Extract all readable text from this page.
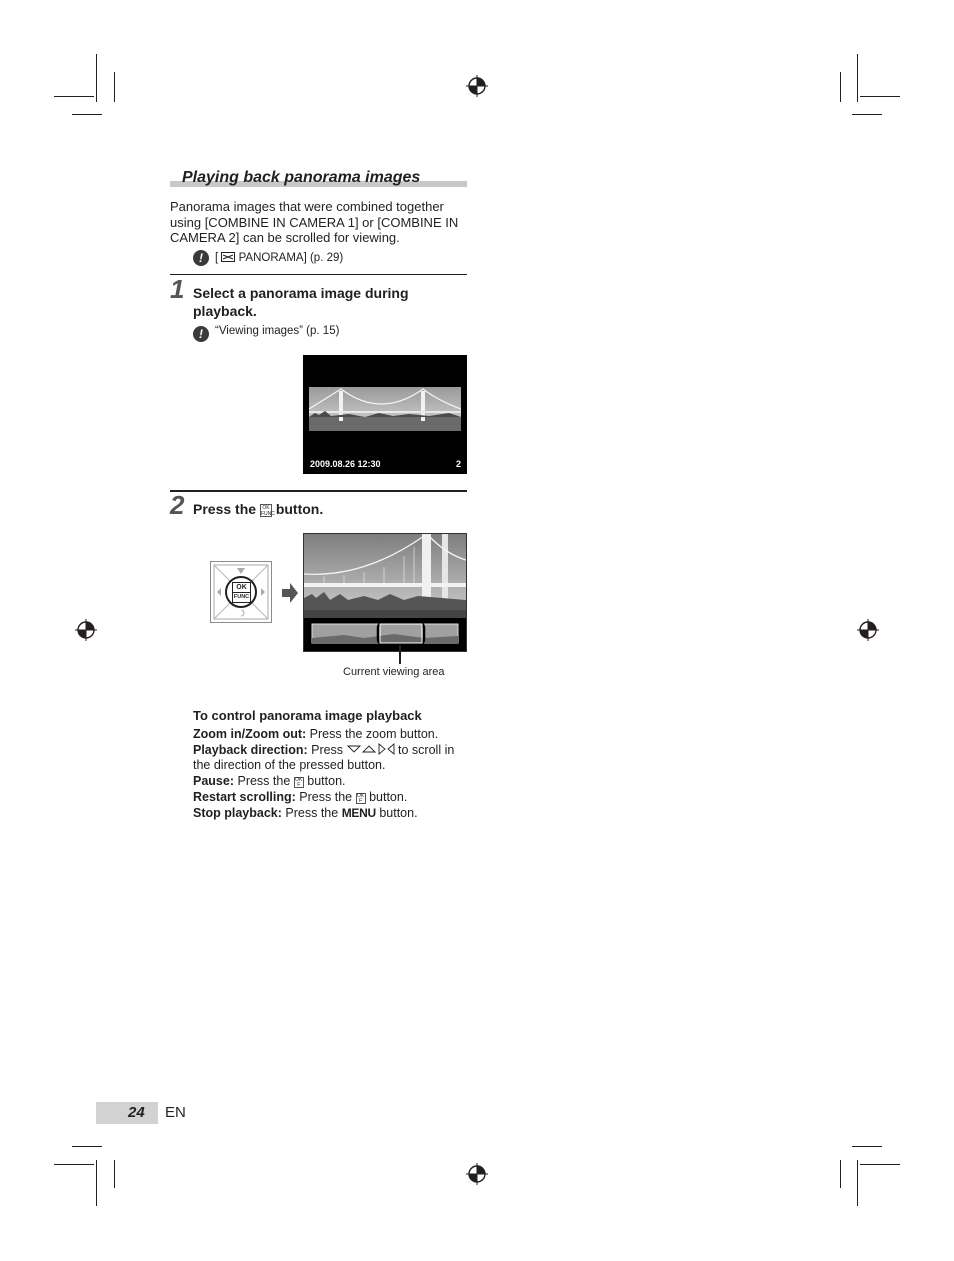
Playing back panorama images
Panorama images that were combined together using [COMBINE IN CAMERA 1] or [COMBINE IN CAMERA 2] can be scrolled for viewing.
!	[ PANORAMA] (p. 29)
1 Select a panorama image during playback.
!	“Viewing images” (p. 15)
2009.08.26 12:30	2
2 Press the OK
FUNC button.
OK
FUNC
Current viewing area
To control panorama image playback
Zoom in/Zoom out: Press the zoom button.
Playback direction: Press	to scroll in the direction of the pressed button.
Pause: Press the OK
F button.
Restart scrolling: Press the OK
F button.
Stop playback: Press the MENU button.
24 EN
